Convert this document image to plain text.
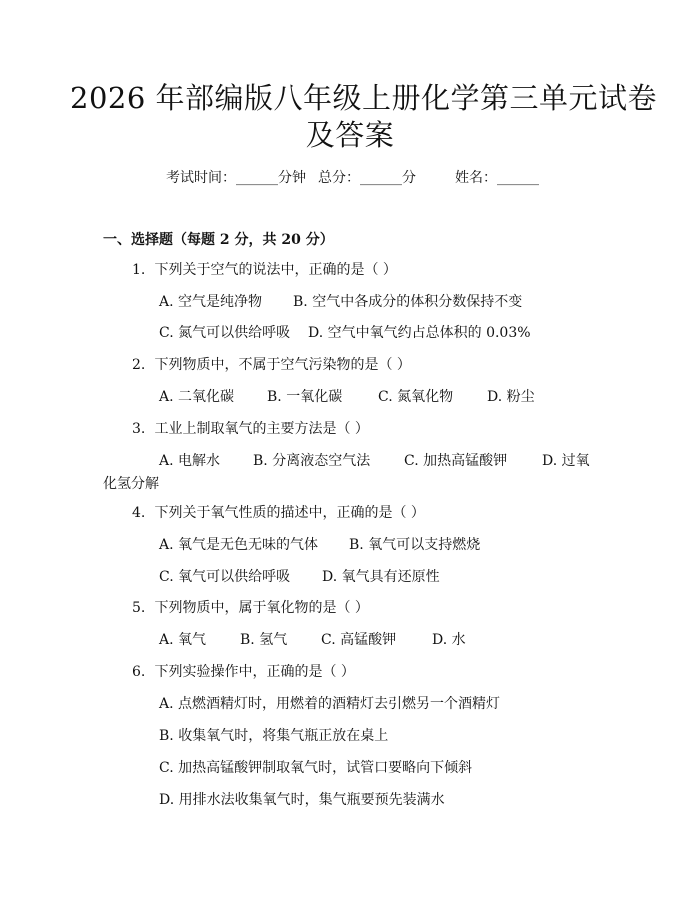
2026 年部编版八年级上册化学第三单元试卷
及答案
考试时间：______分钟 总分：______分	姓名：______
一、选择题（每题 2 分，共 20 分）
1. 下列关于空气的说法中，正确的是（ ）
A. 空气是纯净物 B. 空气中各成分的体积分数保持不变
C. 氮气可以供给呼吸 D. 空气中氧气约占总体积的 0.03%
2. 下列物质中，不属于空气污染物的是（ ）
A. 二氧化碳 B. 一氧化碳	C. 氮氧化物 D. 粉尘
3. 工业上制取氧气的主要方法是（ ）
A. 电解水 B. 分离液态空气法 C. 加热高锰酸钾 D. 过氧
化氢分解
4. 下列关于氧气性质的描述中，正确的是（ ）
A. 氧气是无色无味的气体 B. 氧气可以支持燃烧
C. 氧气可以供给呼吸 D. 氧气具有还原性
5. 下列物质中，属于氧化物的是（ ）
A. 氧气 B. 氢气 C. 高锰酸钾	D. 水
6. 下列实验操作中，正确的是（ ）
A. 点燃酒精灯时，用燃着的酒精灯去引燃另一个酒精灯
B. 收集氧气时，将集气瓶正放在桌上
C. 加热高锰酸钾制取氧气时，试管口要略向下倾斜
D. 用排水法收集氧气时，集气瓶要预先装满水
